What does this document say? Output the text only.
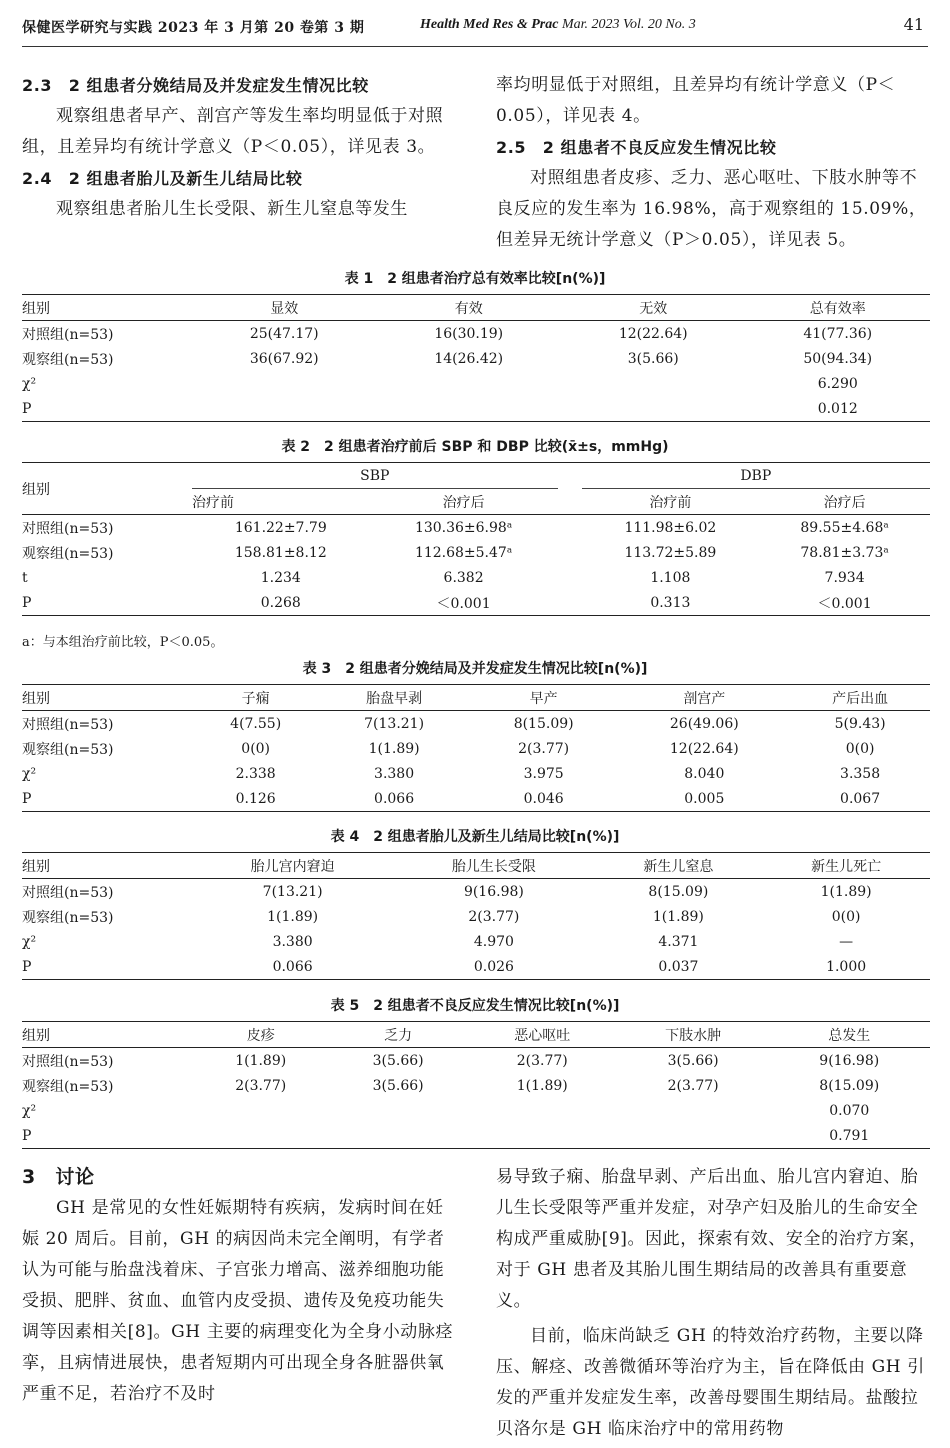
保健医学研究与实践 2023 年 3 月第 20 卷第 3 期	Health Med Res & Prac Mar. 2023 Vol. 20 No. 3	41

2.3　2 组患者分娩结局及并发症发生情况比较

观察组患者早产、剖宫产等发生率均明显低于对照组，且差异均有统计学意义（P＜0.05），详见表 3。

2.4　2 组患者胎儿及新生儿结局比较

观察组患者胎儿生长受限、新生儿窒息等发生

率均明显低于对照组，且差异均有统计学意义（P＜0.05），详见表 4。

2.5　2 组患者不良反应发生情况比较

对照组患者皮疹、乏力、恶心呕吐、下肢水肿等不良反应的发生率为 16.98%，高于观察组的 15.09%，但差异无统计学意义（P＞0.05），详见表 5。

表 1　2 组患者治疗总有效率比较[n(%)]
组别	显效	有效	无效	总有效率
对照组(n=53)	25(47.17)	16(30.19)	12(22.64)	41(77.36)
观察组(n=53)	36(67.92)	14(26.42)	3(5.66)	50(94.34)
χ²				6.290
P				0.012
表 2　2 组患者治疗前后 SBP 和 DBP 比较(x̄±s，mmHg)
组别	SBP			DBP	
	治疗前	治疗后		治疗前	治疗后
对照组(n=53)	161.22±7.79	130.36±6.98ᵃ		111.98±6.02	89.55±4.68ᵃ
观察组(n=53)	158.81±8.12	112.68±5.47ᵃ		113.72±5.89	78.81±3.73ᵃ
t	1.234	6.382		1.108	7.934
P	0.268	＜0.001		0.313	＜0.001
a：与本组治疗前比较，P＜0.05。
表 3　2 组患者分娩结局及并发症发生情况比较[n(%)]
组别	子痫	胎盘早剥	早产	剖宫产	产后出血
对照组(n=53)	4(7.55)	7(13.21)	8(15.09)	26(49.06)	5(9.43)
观察组(n=53)	0(0)	1(1.89)	2(3.77)	12(22.64)	0(0)
χ²	2.338	3.380	3.975	8.040	3.358
P	0.126	0.066	0.046	0.005	0.067
表 4　2 组患者胎儿及新生儿结局比较[n(%)]
组别	胎儿宫内窘迫	胎儿生长受限	新生儿窒息	新生儿死亡
对照组(n=53)	7(13.21)	9(16.98)	8(15.09)	1(1.89)
观察组(n=53)	1(1.89)	2(3.77)	1(1.89)	0(0)
χ²	3.380	4.970	4.371	—
P	0.066	0.026	0.037	1.000
表 5　2 组患者不良反应发生情况比较[n(%)]
组别	皮疹	乏力	恶心呕吐	下肢水肿	总发生
对照组(n=53)	1(1.89)	3(5.66)	2(3.77)	3(5.66)	9(16.98)
观察组(n=53)	2(3.77)	3(5.66)	1(1.89)	2(3.77)	8(15.09)
χ²					0.070
P					0.791

3　讨论

GH 是常见的女性妊娠期特有疾病，发病时间在妊娠 20 周后。目前，GH 的病因尚未完全阐明，有学者认为可能与胎盘浅着床、子宫张力增高、滋养细胞功能受损、肥胖、贫血、血管内皮受损、遗传及免疫功能失调等因素相关[8]。GH 主要的病理变化为全身小动脉痉挛，且病情进展快，患者短期内可出现全身各脏器供氧严重不足，若治疗不及时

易导致子痫、胎盘早剥、产后出血、胎儿宫内窘迫、胎儿生长受限等严重并发症，对孕产妇及胎儿的生命安全构成严重威胁[9]。因此，探索有效、安全的治疗方案，对于 GH 患者及其胎儿围生期结局的改善具有重要意义。

目前，临床尚缺乏 GH 的特效治疗药物，主要以降压、解痉、改善微循环等治疗为主，旨在降低由 GH 引发的严重并发症发生率，改善母婴围生期结局。盐酸拉贝洛尔是 GH 临床治疗中的常用药物
